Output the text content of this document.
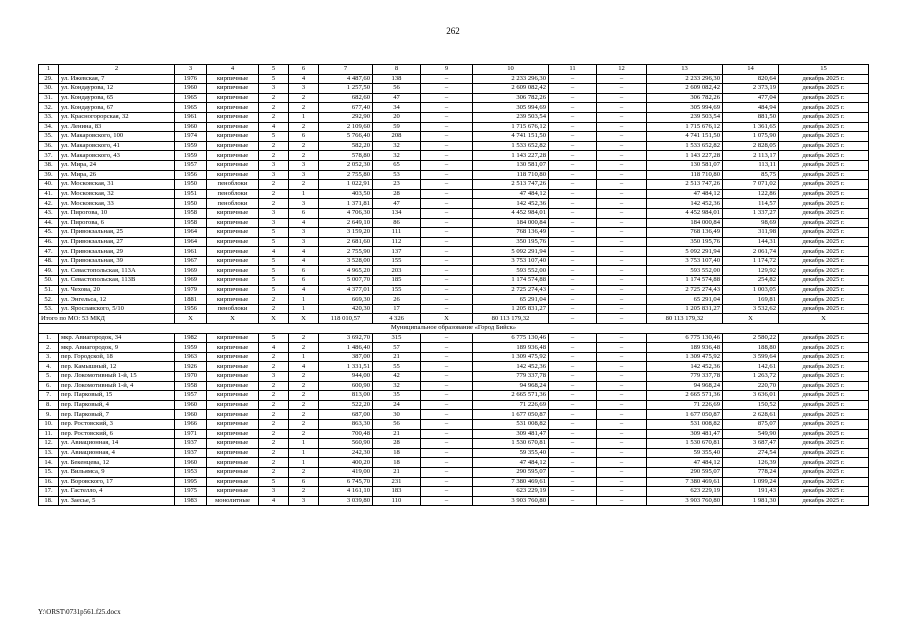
262
1	2	3	4	5	6	7	8	9	10	11	12	13	14	15
29.	ул. Ижевская, 7	1976	кирпичные	5	4	4 487,60	138	–	2 233 296,30	–	–	2 233 296,30	820,64	декабрь 2025 г.
30.	ул. Кондаурова, 12	1960	кирпичные	3	3	1 257,50	56	–	2 609 082,42	–	–	2 609 082,42	2 373,19	декабрь 2025 г.
31.	ул. Кондаурова, 65	1965	кирпичные	2	2	682,60	47	–	306 782,26	–	–	306 782,26	477,04	декабрь 2025 г.
32.	ул. Кондаурова, 67	1965	кирпичные	2	2	677,40	34	–	305 994,69	–	–	305 994,69	484,94	декабрь 2025 г.
33.	ул. Красногорорская, 32	1961	кирпичные	2	1	292,90	20	–	239 503,54	–	–	239 503,54	881,50	декабрь 2025 г.
34.	ул. Ленина, 83	1960	кирпичные	4	2	2 109,60	59	–	1 715 676,12	–	–	1 715 676,12	1 361,65	декабрь 2025 г.
35.	ул. Макаровского, 100	1974	кирпичные	5	6	5 766,40	208	–	4 741 151,50	–	–	4 741 151,50	1 075,90	декабрь 2025 г.
36.	ул. Макаровского, 41	1959	кирпичные	2	2	582,20	32	–	1 533 652,82	–	–	1 533 652,82	2 828,05	декабрь 2025 г.
37.	ул. Макаровского, 43	1959	кирпичные	2	2	578,80	32	–	1 143 227,28	–	–	1 143 227,28	2 113,17	декабрь 2025 г.
38.	ул. Мира, 24	1957	кирпичные	3	3	2 052,30	65	–	130 581,07	–	–	130 581,07	113,11	декабрь 2025 г.
39.	ул. Мира, 26	1956	кирпичные	3	3	2 755,80	53	–	118 710,80	–	–	118 710,80	85,75	декабрь 2025 г.
40.	ул. Московская, 31	1950	пеноблоки	2	2	1 022,91	23	–	2 513 747,26	–	–	2 513 747,26	7 071,02	декабрь 2025 г.
41.	ул. Московская, 32	1951	пеноблоки	2	1	403,50	28	–	47 484,12	–	–	47 484,12	122,86	декабрь 2025 г.
42.	ул. Московская, 33	1950	пеноблоки	2	3	1 371,81	47	–	142 452,36	–	–	142 452,36	114,57	декабрь 2025 г.
43.	ул. Пирогова, 10	1958	кирпичные	3	6	4 706,30	134	–	4 452 984,01	–	–	4 452 984,01	1 337,27	декабрь 2025 г.
44.	ул. Пирогова, 6	1958	кирпичные	3	4	2 649,10	86	–	184 000,84	–	–	184 000,84	98,69	декабрь 2025 г.
45.	ул. Привокзальная, 25	1964	кирпичные	5	3	3 159,20	111	–	768 136,49	–	–	768 136,49	311,98	декабрь 2025 г.
46.	ул. Привокзальная, 27	1964	кирпичные	5	3	2 681,60	112	–	350 195,76	–	–	350 195,76	144,31	декабрь 2025 г.
47.	ул. Привокзальная, 29	1961	кирпичные	4	4	2 755,90	137	–	5 092 291,94	–	–	5 092 291,94	2 061,74	декабрь 2025 г.
48.	ул. Привокзальная, 39	1967	кирпичные	5	4	3 528,00	155	–	3 753 107,40	–	–	3 753 107,40	1 174,72	декабрь 2025 г.
49.	ул. Севастопольская, 113А	1969	кирпичные	5	6	4 965,20	203	–	593 552,00	–	–	593 552,00	129,92	декабрь 2025 г.
50.	ул. Севастопольская, 113В	1969	кирпичные	5	6	5 007,70	185	–	1 174 574,88	–	–	1 174 574,88	254,82	декабрь 2025 г.
51.	ул. Чехова, 20	1979	кирпичные	5	4	4 377,01	155	–	2 725 274,43	–	–	2 725 274,43	1 003,05	декабрь 2025 г.
52.	ул. Энгельса, 12	1881	кирпичные	2	1	669,30	26	–	65 291,04	–	–	65 291,04	169,81	декабрь 2025 г.
53.	ул. Ярославского, 5/10	1956	пеноблоки	2	1	420,30	17	–	1 205 831,27	–	–	1 205 831,27	3 532,62	декабрь 2025 г.
Итого по МО: 53 МКД		Х	Х	Х	Х	118 010,57	4 326	Х	80 113 179,32	–	–	80 113 179,32	Х	Х
Муниципальное образование «Город Бийск»														
1.	мкр. Авиагородок, 34	1982	кирпичные	5	2	3 692,70	315	–	6 775 130,46	–	–	6 775 130,46	2 580,22	декабрь 2025 г.
2.	мкр. Авиагородок, 9	1959	кирпичные	4	2	1 486,40	57	–	189 936,48	–	–	189 936,48	188,80	декабрь 2025 г.
3.	пер. Городской, 18	1963	кирпичные	2	1	387,00	21	–	1 309 475,92	–	–	1 309 475,92	3 599,64	декабрь 2025 г.
4.	пер. Камышный, 12	1926	кирпичные	2	4	1 331,51	55	–	142 452,36	–	–	142 452,36	142,61	декабрь 2025 г.
5.	пер. Локомотивный 1-й, 15	1970	кирпичные	3	2	944,00	42	–	779 337,78	–	–	779 337,78	1 263,72	декабрь 2025 г.
6.	пер. Локомотивный 1-й, 4	1958	кирпичные	2	2	600,90	32	–	94 968,24	–	–	94 968,24	220,70	декабрь 2025 г.
7.	пер. Парковый, 15	1957	кирпичные	2	2	813,00	35	–	2 665 571,36	–	–	2 665 571,36	3 636,01	декабрь 2025 г.
8.	пер. Парковый, 4	1960	кирпичные	2	2	522,20	24	–	71 226,69	–	–	71 226,69	150,52	декабрь 2025 г.
9.	пер. Парковый, 7	1960	кирпичные	2	2	687,00	30	–	1 677 050,87	–	–	1 677 050,87	2 628,61	декабрь 2025 г.
10.	пер. Ростовский, 3	1966	кирпичные	2	2	863,30	56	–	531 008,82	–	–	531 008,82	875,07	декабрь 2025 г.
11.	пер. Ростовский, 6	1971	кирпичные	2	2	700,48	21	–	309 481,47	–	–	309 481,47	549,90	декабрь 2025 г.
12.	ул. Авиационная, 14	1937	кирпичные	2	1	560,90	28	–	1 530 670,81	–	–	1 530 670,81	3 687,47	декабрь 2025 г.
13.	ул. Авиационная, 4	1937	кирпичные	2	1	242,30	18	–	59 355,40	–	–	59 355,40	274,54	декабрь 2025 г.
14.	ул. Бекенцева, 12	1960	кирпичные	2	1	400,20	18	–	47 484,12	–	–	47 484,12	126,39	декабрь 2025 г.
15.	ул. Вильямса, 9	1953	кирпичные	2	2	419,00	21	–	290 595,07	–	–	290 595,07	778,24	декабрь 2025 г.
16.	ул. Воровского, 17	1995	кирпичные	5	6	6 745,70	231	–	7 380 469,61	–	–	7 380 469,61	1 099,24	декабрь 2025 г.
17.	ул. Гастелло, 4	1975	кирпичные	3	2	4 161,10	183	–	623 229,19	–	–	623 229,19	191,43	декабрь 2025 г.
18.	ул. Заесье, 5	1983	монолитные	4	3	3 039,80	110	–	3 903 760,80	–	–	3 903 760,80	1 981,30	декабрь 2025 г.
Y:\ORST\0731p561.f25.docx
